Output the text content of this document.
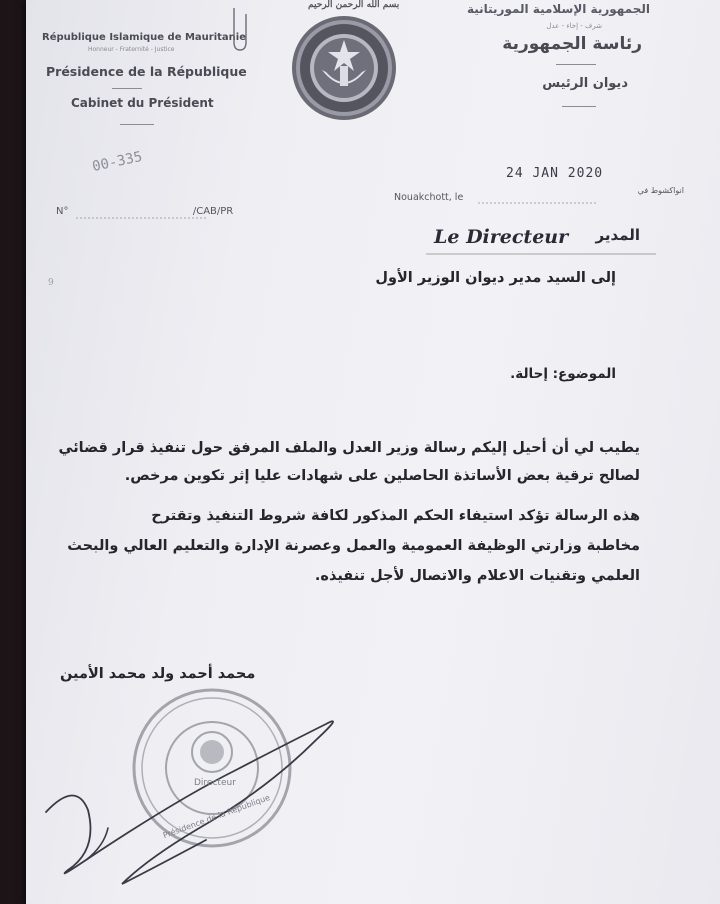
République Islamique de Mauritanie
Honneur - Fraternité - Justice
Présidence de la République
Cabinet du Président
الجمهورية الإسلامية الموريتانية
شرف - إخاء - عدل
رئاسة الجمهورية
ديوان الرئيس
بسم الله الرحمن الرحيم
Directeur
Présidence de la République
N°	/CAB/PR
00-335
Nouakchott, le
24 JAN 2020
انواكشوط في
Le Directeur المدير
إلى السيد مدير ديوان الوزير الأول
9
الموضوع: إحالة.
يطيب لي أن أحيل إليكم رسالة وزير العدل والملف المرفق حول تنفيذ قرار قضائي
لصالح ترقية بعض الأساتذة الحاصلين على شهادات عليا إثر تكوين مرخص.
هذه الرسالة تؤكد استيفاء الحكم المذكور لكافة شروط التنفيذ وتقترح
مخاطبة وزارتي الوظيفة العمومية والعمل وعصرنة الإدارة والتعليم العالي والبحث
العلمي وتقنيات الاعلام والاتصال لأجل تنفيذه.
محمد أحمد ولد محمد الأمين
